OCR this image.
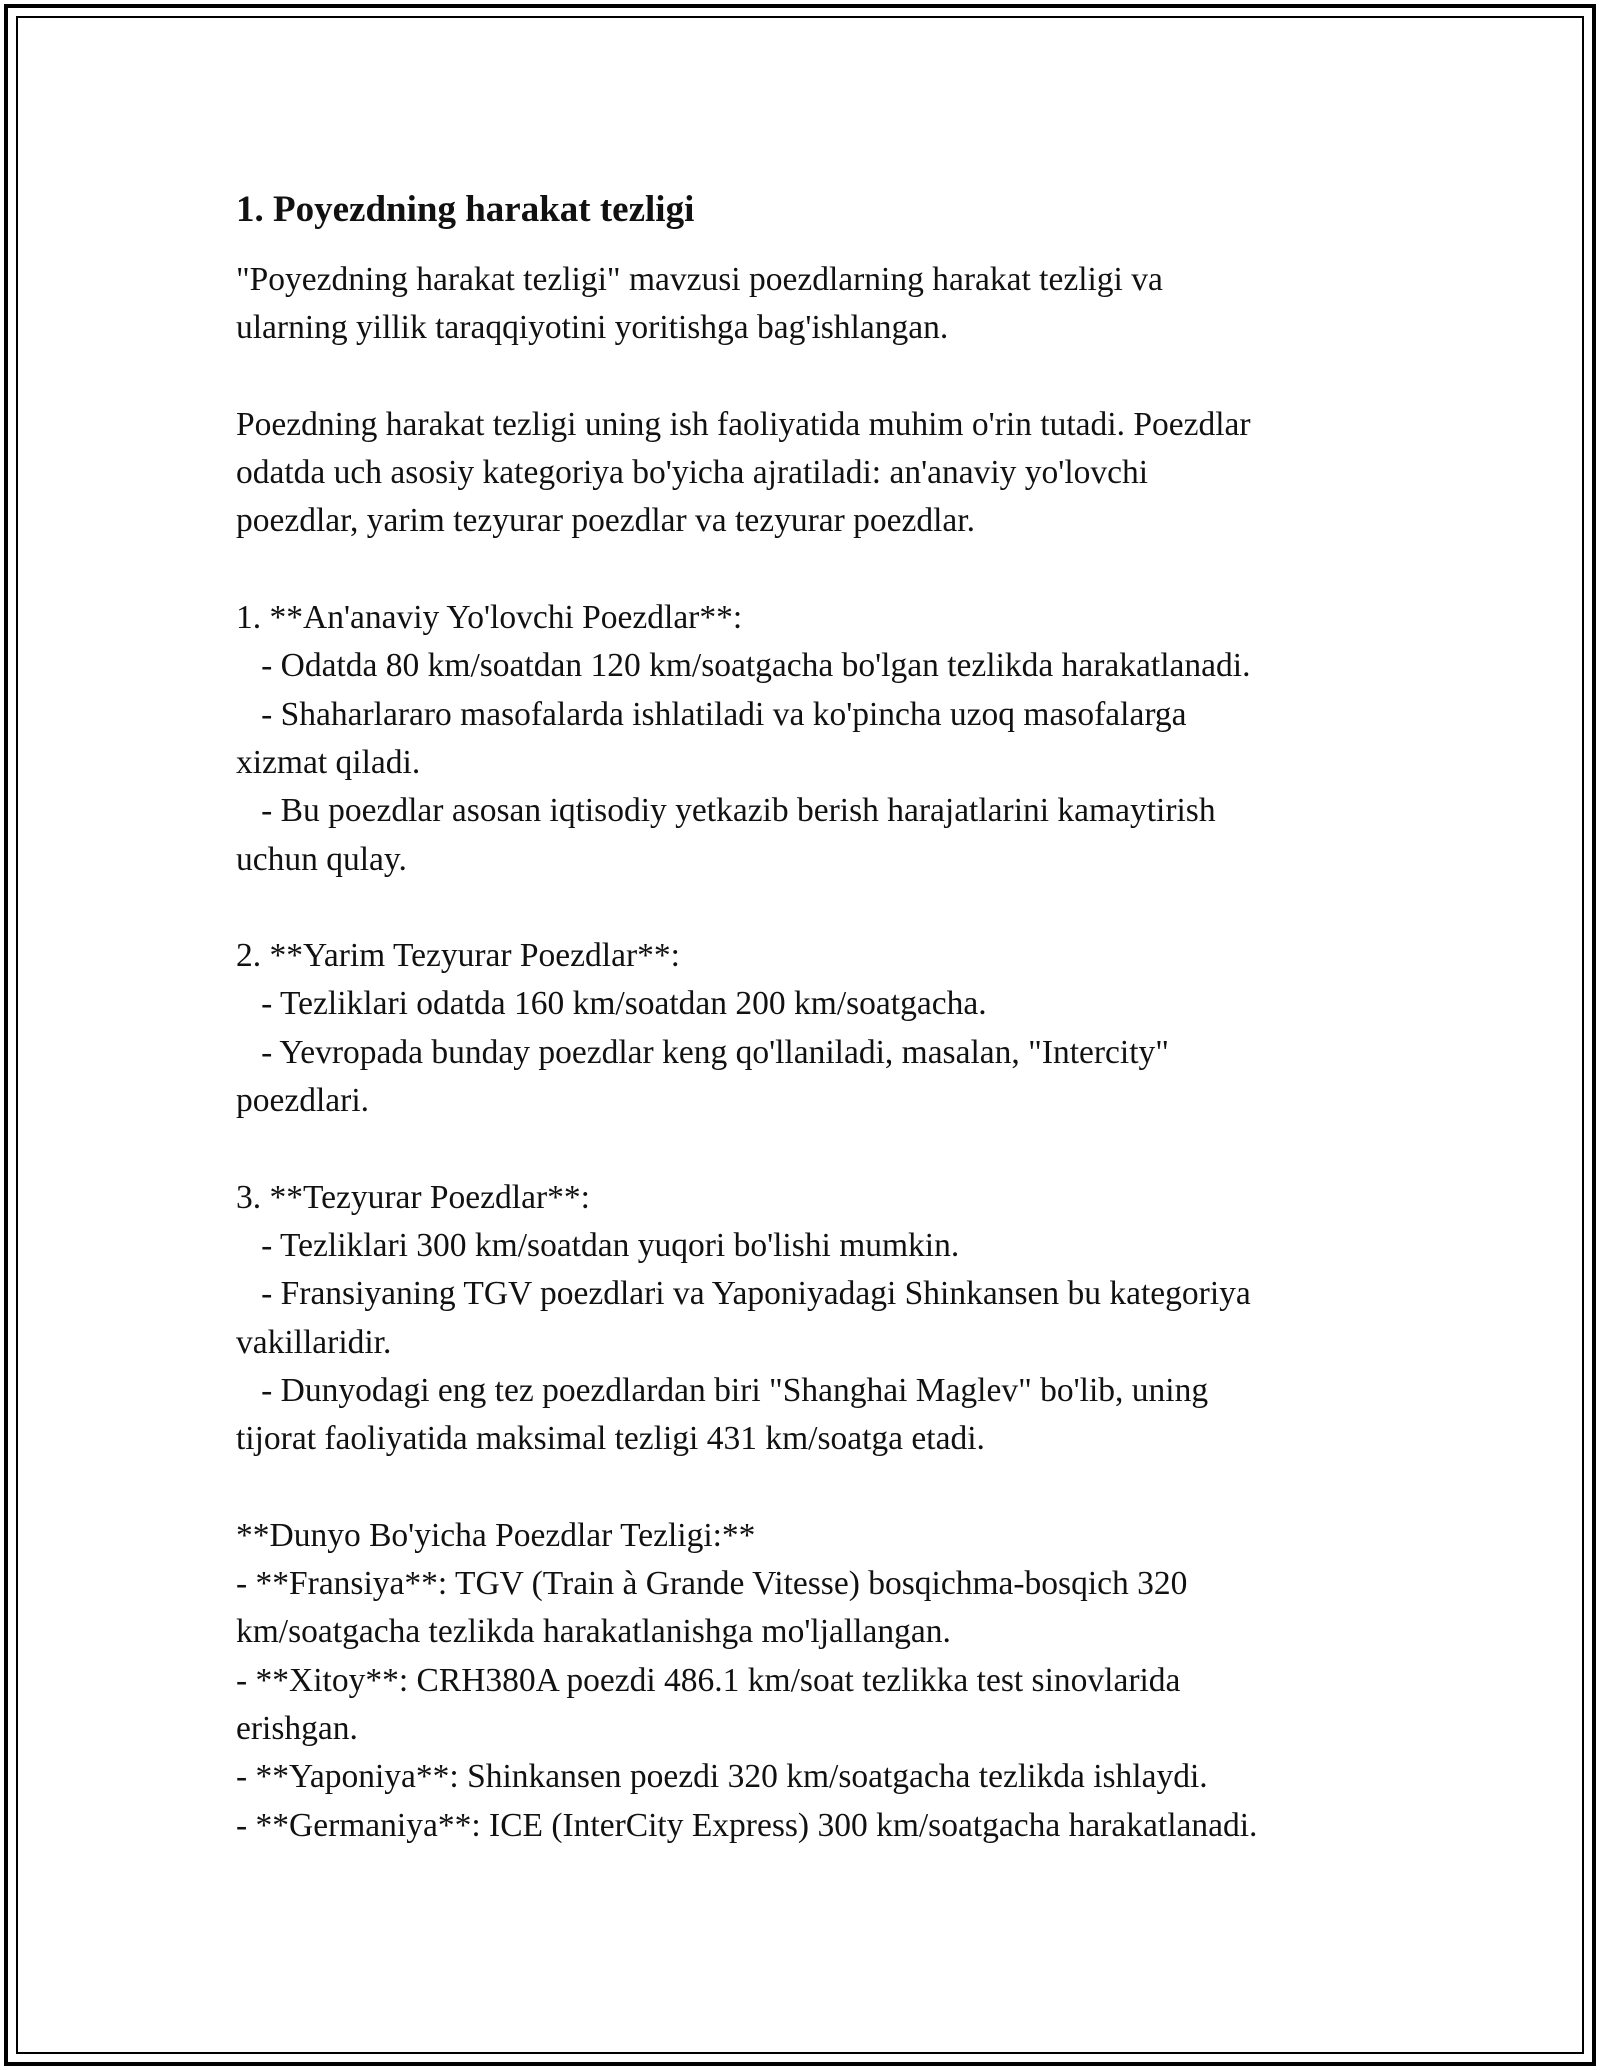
1. Poyezdning harakat tezligi
"Poyezdning harakat tezligi" mavzusi poezdlarning harakat tezligi va
ularning yillik taraqqiyotini yoritishga bag'ishlangan.
Poezdning harakat tezligi uning ish faoliyatida muhim o'rin tutadi. Poezdlar
odatda uch asosiy kategoriya bo'yicha ajratiladi: an'anaviy yo'lovchi
poezdlar, yarim tezyurar poezdlar va tezyurar poezdlar.
1. **An'anaviy Yo'lovchi Poezdlar**:
- Odatda 80 km/soatdan 120 km/soatgacha bo'lgan tezlikda harakatlanadi.
- Shaharlararo masofalarda ishlatiladi va ko'pincha uzoq masofalarga
xizmat qiladi.
- Bu poezdlar asosan iqtisodiy yetkazib berish harajatlarini kamaytirish
uchun qulay.
2. **Yarim Tezyurar Poezdlar**:
- Tezliklari odatda 160 km/soatdan 200 km/soatgacha.
- Yevropada bunday poezdlar keng qo'llaniladi, masalan, "Intercity"
poezdlari.
3. **Tezyurar Poezdlar**:
- Tezliklari 300 km/soatdan yuqori bo'lishi mumkin.
- Fransiyaning TGV poezdlari va Yaponiyadagi Shinkansen bu kategoriya
vakillaridir.
- Dunyodagi eng tez poezdlardan biri "Shanghai Maglev" bo'lib, uning
tijorat faoliyatida maksimal tezligi 431 km/soatga etadi.
**Dunyo Bo'yicha Poezdlar Tezligi:**
- **Fransiya**: TGV (Train à Grande Vitesse) bosqichma-bosqich 320
km/soatgacha tezlikda harakatlanishga mo'ljallangan.
- **Xitoy**: CRH380A poezdi 486.1 km/soat tezlikka test sinovlarida
erishgan.
- **Yaponiya**: Shinkansen poezdi 320 km/soatgacha tezlikda ishlaydi.
- **Germaniya**: ICE (InterCity Express) 300 km/soatgacha harakatlanadi.
